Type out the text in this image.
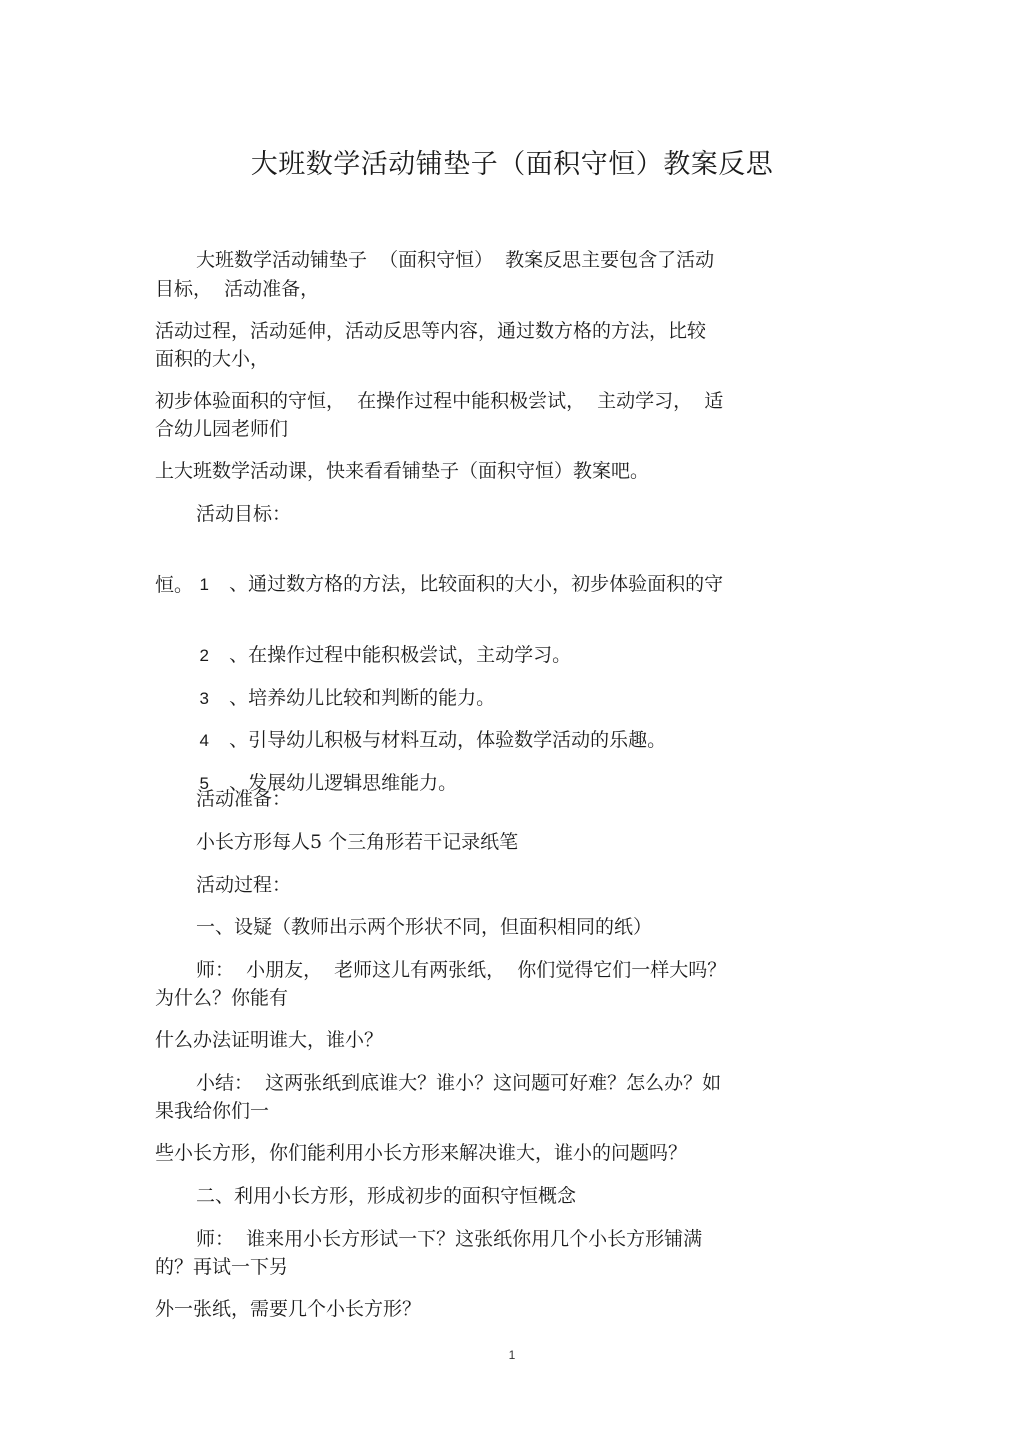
大班数学活动铺垫子（面积守恒）教案反思
大班数学活动铺垫子  （面积守恒）  教案反思主要包含了活动
目标，  活动准备，
活动过程，活动延伸，活动反思等内容，通过数方格的方法，比较
面积的大小，
初步体验面积的守恒，  在操作过程中能积极尝试，  主动学习，  适
合幼儿园老师们
上大班数学活动课，快来看看铺垫子（面积守恒）教案吧。
活动目标：

1 、通过数方格的方法，比较面积的大小，初步体验面积的守

恒。

2 、在操作过程中能积极尝试，主动学习。

3 、培养幼儿比较和判断的能力。

4 、引导幼儿积极与材料互动，体验数学活动的乐趣。

5 、发展幼儿逻辑思维能力。

活动准备：
小长方形每人5 个三角形若干记录纸笔
活动过程：
一、设疑（教师出示两个形状不同，但面积相同的纸）
师：  小朋友，  老师这儿有两张纸，  你们觉得它们一样大吗？
为什么？你能有
什么办法证明谁大，谁小？
小结：  这两张纸到底谁大？谁小？这问题可好难？怎么办？如
果我给你们一
些小长方形，你们能利用小长方形来解决谁大，谁小的问题吗？
二、利用小长方形，形成初步的面积守恒概念
师：  谁来用小长方形试一下？这张纸你用几个小长方形铺满
的？再试一下另
外一张纸，需要几个小长方形？
1
